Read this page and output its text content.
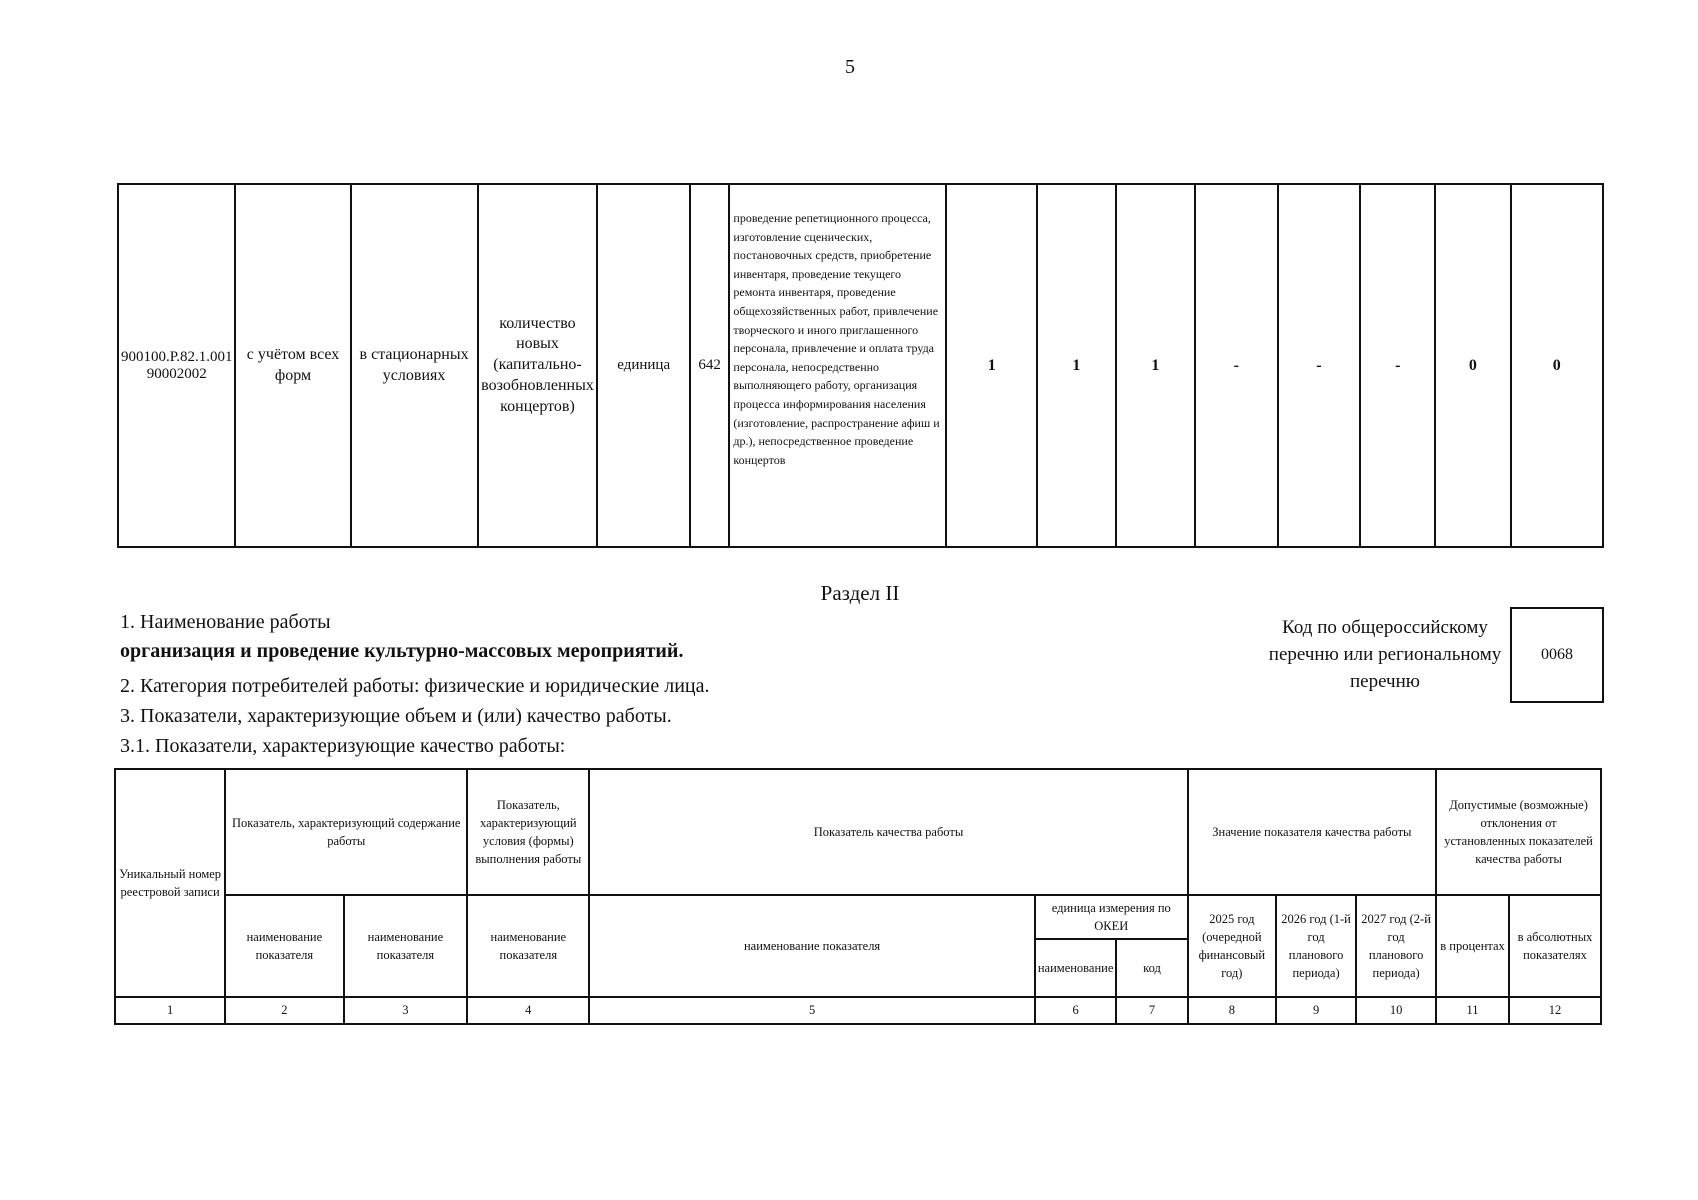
5
900100.Р.82.1.001 90002002	с учётом всех форм	в стационарных условиях	количество новых (капитально-возобновленных концертов)	единица	642	проведение репетиционного процесса, изготовление сценических, постановочных средств, приобретение инвентаря, проведение текущего ремонта инвентаря, проведение общехозяйственных работ, привлечение творческого и иного приглашенного персонала, привлечение и оплата труда персонала, непосредственно выполняющего работу, организация процесса информирования населения (изготовление, распространение афиш и др.), непосредственное проведение концертов	1	1	1	-	-	-	0	0
Раздел II
1. Наименование работы
организация и проведение культурно-массовых мероприятий.
2. Категория потребителей работы: физические и юридические лица.
3. Показатели, характеризующие объем и (или) качество работы.
3.1. Показатели, характеризующие качество работы:
Код по общероссийскому перечню или региональному перечню
0068
Уникальный номер реестровой записи	Показатель, характеризующий содержание работы		Показатель, характеризующий условия (формы) выполнения работы	Показатель качества работы			Значение показателя качества работы			Допустимые (возможные) отклонения от установленных показателей качества работы	
	наименование показателя	наименование показателя	наименование показателя	наименование показателя	единица измерения по ОКЕИ		2025 год (очередной финансовый год)	2026 год (1-й год планового периода)	2027 год (2-й год планового периода)	в процентах	в абсолютных показателях
					наименование	код					
1	2	3	4	5	6	7	8	9	10	11	12
